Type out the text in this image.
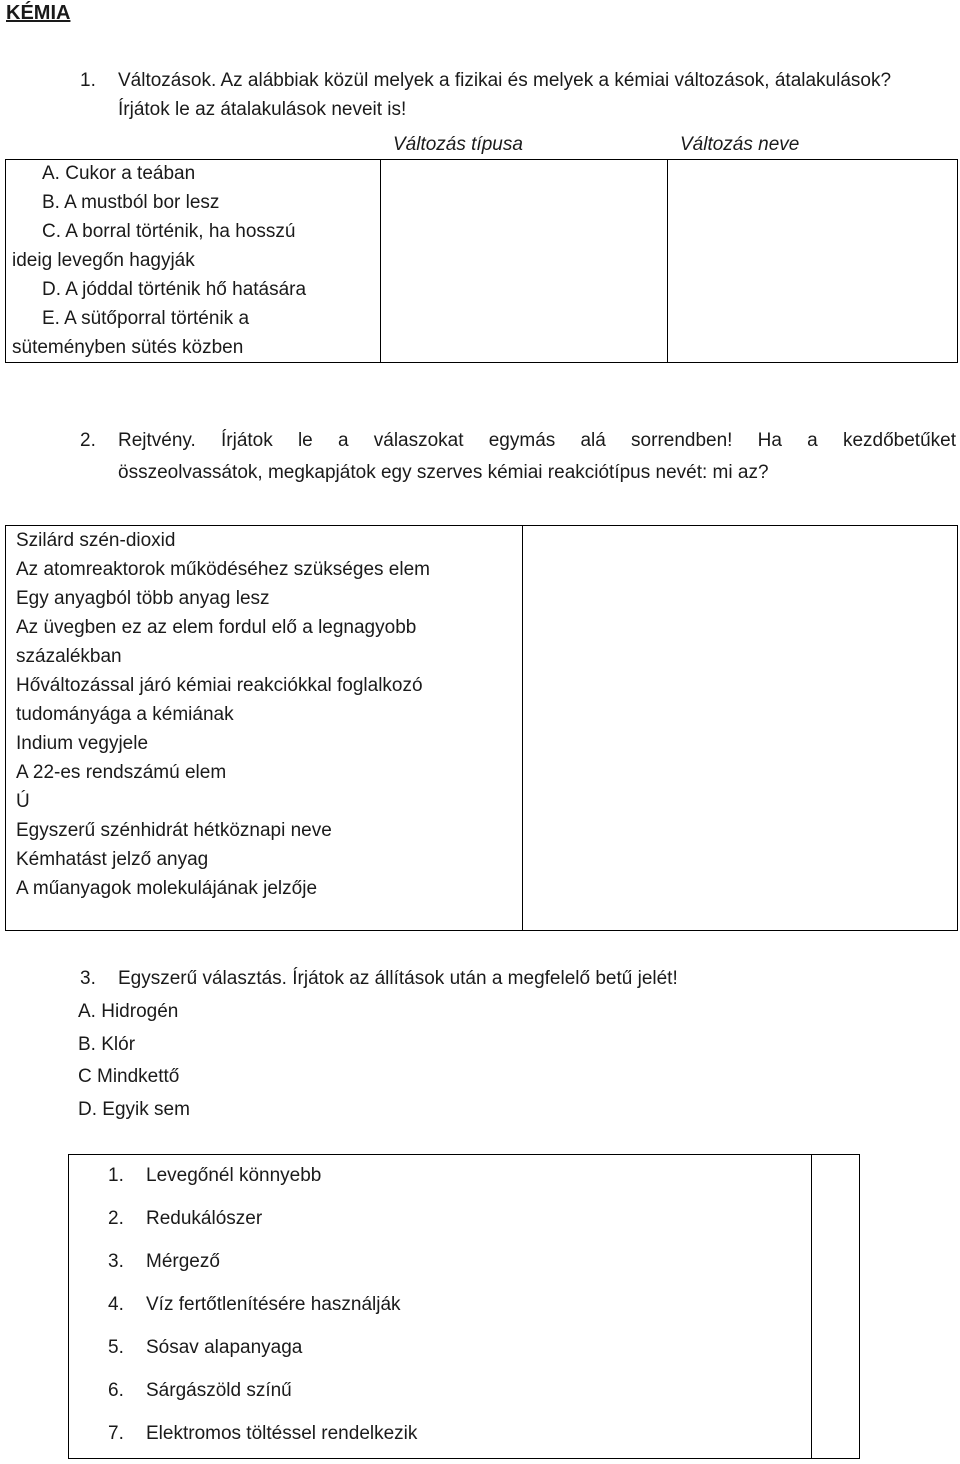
KÉMIA
1. Változások. Az alábbiak közül melyek a fizikai és melyek a kémiai változások, átalakulások?
Írjátok le az átalakulások neveit is!
Változás típusa	Változás neve
A. Cukor a teában
B. A mustból bor lesz
C. A borral történik, ha hosszú
ideig levegőn hagyják
D. A jóddal történik hő hatására
E. A sütőporral történik a
süteményben sütés közben
2. Rejtvény. Írjátok le a válaszokat egymás alá sorrendben! Ha a kezdőbetűket
összeolvassátok, megkapjátok egy szerves kémiai reakciótípus nevét: mi az?
Szilárd szén-dioxid
Az atomreaktorok működéséhez szükséges elem
Egy anyagból több anyag lesz
Az üvegben ez az elem fordul elő a legnagyobb
százalékban
Hőváltozással járó kémiai reakciókkal foglalkozó
tudományága a kémiának
Indium vegyjele
A 22-es rendszámú elem
Ú
Egyszerű szénhidrát hétköznapi neve
Kémhatást jelző anyag
A műanyagok molekulájának jelzője
3. Egyszerű választás. Írjátok az állítások után a megfelelő betű jelét!
A. Hidrogén
B. Klór
C Mindkettő
D. Egyik sem
1. Levegőnél könnyebb
2. Redukálószer
3. Mérgező
4. Víz fertőtlenítésére használják
5. Sósav alapanyaga
6. Sárgászöld színű
7. Elektromos töltéssel rendelkezik
